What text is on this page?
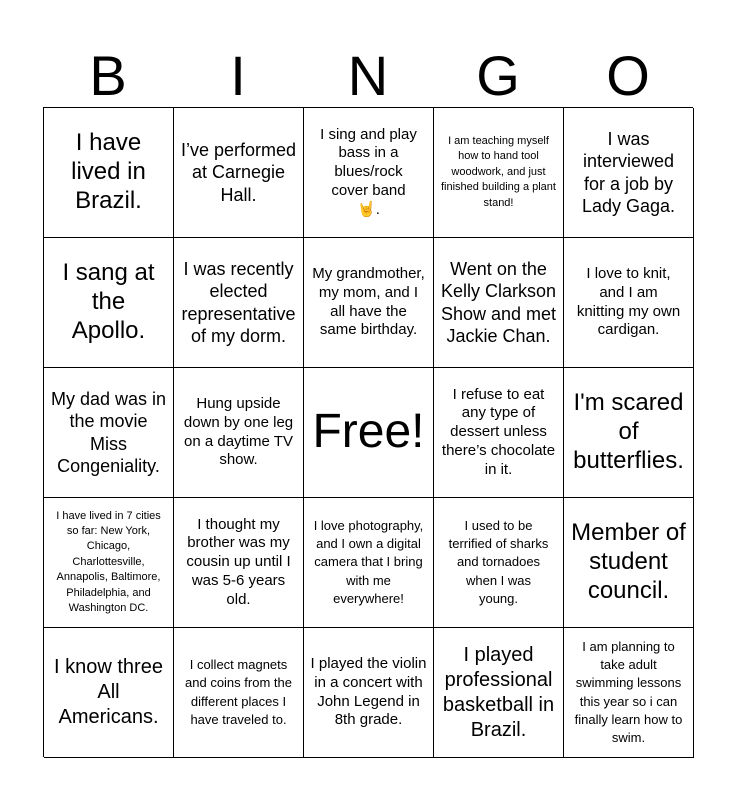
B	I	N	G	O
I have lived in Brazil.
I’ve performed at Carnegie Hall.
I sing and play bass in a blues/rock cover band 🤘.
I am teaching myself how to hand tool woodwork, and just finished building a plant stand!
I was interviewed for a job by Lady Gaga.
I sang at the Apollo.
I was recently elected representative of my dorm.
My grandmother, my mom, and I all have the same birthday.
Went on the Kelly Clarkson Show and met Jackie Chan.
I love to knit, and I am knitting my own cardigan.
My dad was in the movie Miss Congeniality.
Hung upside down by one leg on a daytime TV show.
Free!
I refuse to eat any type of dessert unless there’s chocolate in it.
I'm scared of butterflies.
I have lived in 7 cities so far: New York, Chicago, Charlottesville, Annapolis, Baltimore, Philadelphia, and Washington DC.
I thought my brother was my cousin up until I was 5-6 years old.
I love photography, and I own a digital camera that I bring with me everywhere!
I used to be terrified of sharks and tornadoes when I was young.
Member of student council.
I know three All Americans.
I collect magnets and coins from the different places I have traveled to.
I played the violin in a concert with John Legend in 8th grade.
I played professional basketball in Brazil.
I am planning to take adult swimming lessons this year so i can finally learn how to swim.
